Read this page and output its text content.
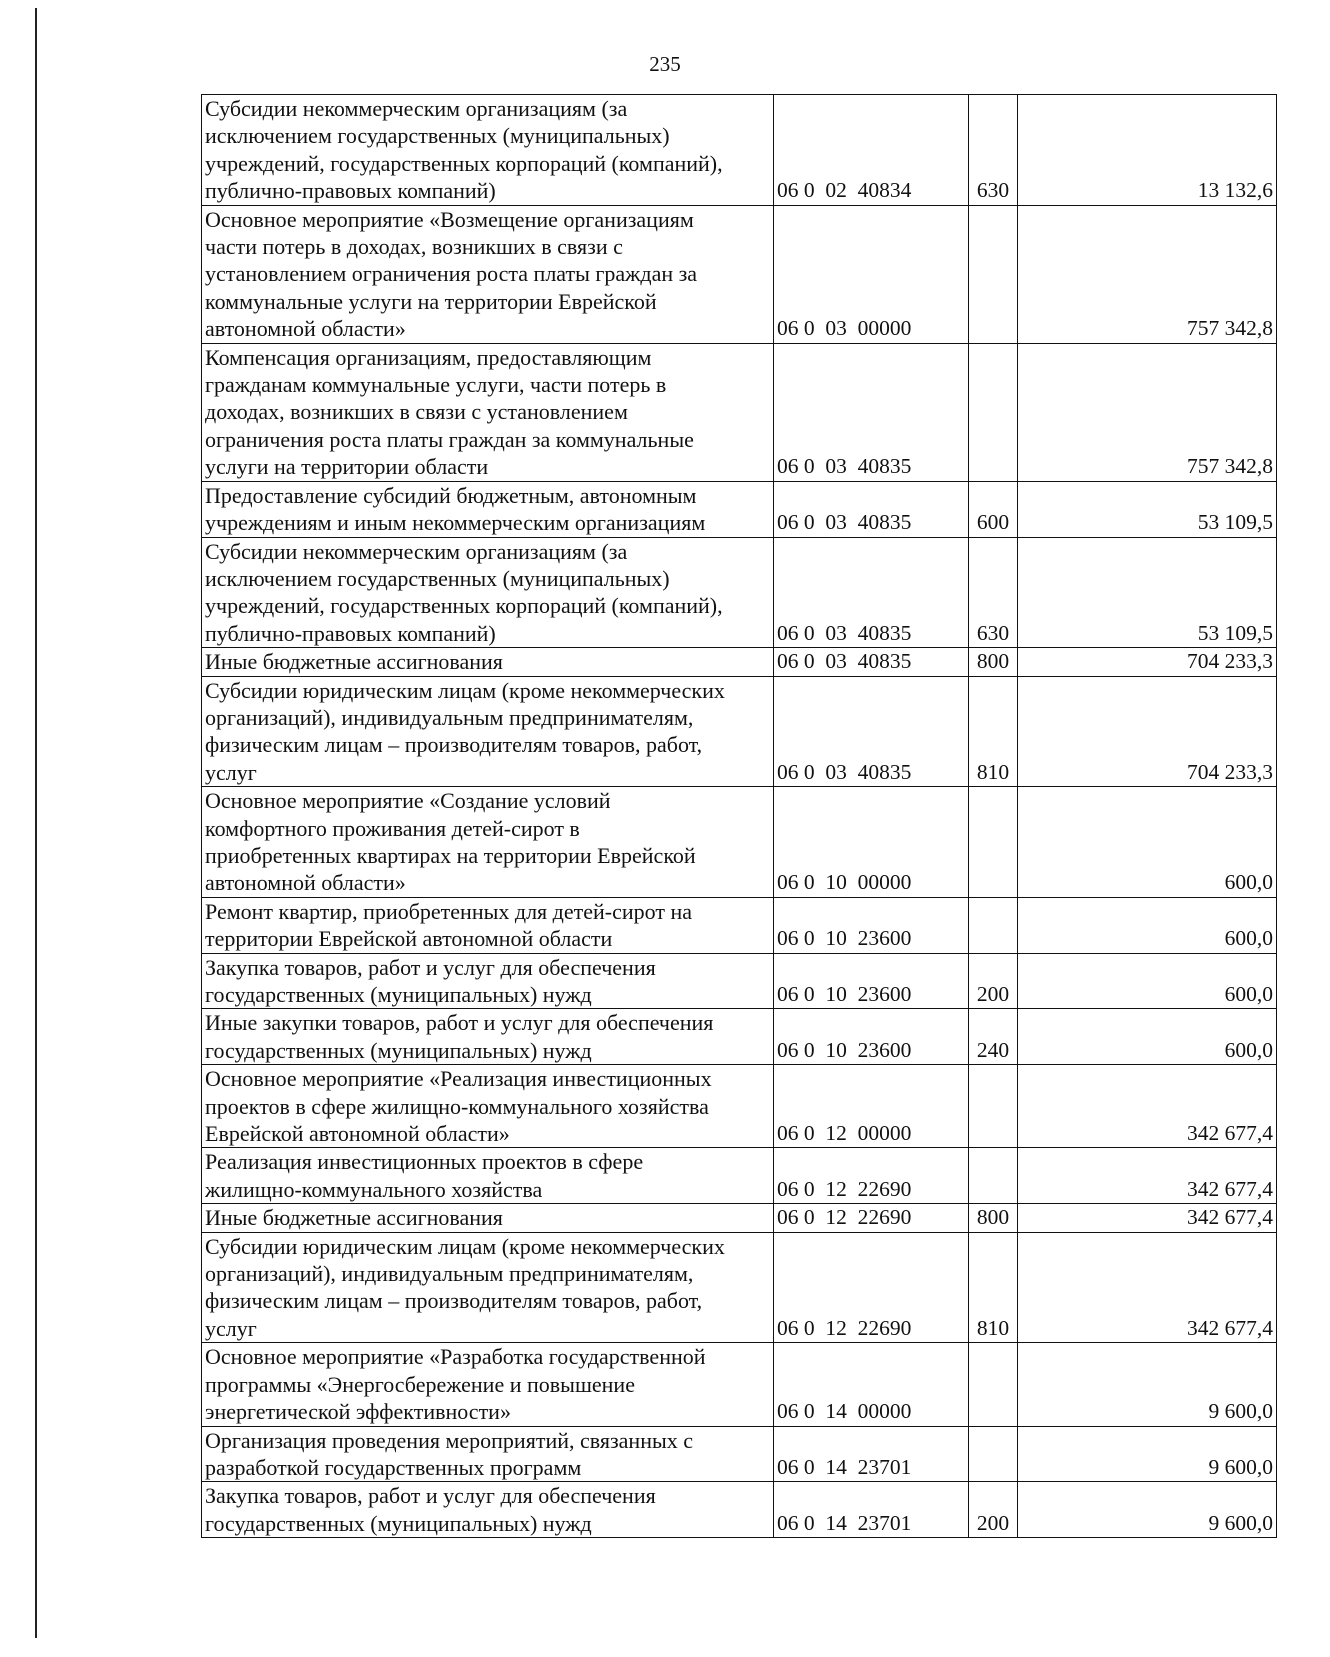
235
Субсидии некоммерческим организациям (за
исключением государственных (муниципальных)
учреждений, государственных корпораций (компаний),
публично-правовых компаний)	06 0  02  40834	630	13 132,6

Основное мероприятие «Возмещение организациям
части потерь в доходах, возникших в связи с
установлением ограничения роста платы граждан за
коммунальные услуги на территории Еврейской
автономной области»	06 0  03  00000		757 342,8

Компенсация организациям, предоставляющим
гражданам коммунальные услуги, части потерь в
доходах, возникших в связи с установлением
ограничения роста платы граждан за коммунальные
услуги на территории области	06 0  03  40835		757 342,8

Предоставление субсидий бюджетным, автономным
учреждениям и иным некоммерческим организациям	06 0  03  40835	600	53 109,5

Субсидии некоммерческим организациям (за
исключением государственных (муниципальных)
учреждений, государственных корпораций (компаний),
публично-правовых компаний)	06 0  03  40835	630	53 109,5

Иные бюджетные ассигнования	06 0  03  40835	800	704 233,3

Субсидии юридическим лицам (кроме некоммерческих
организаций), индивидуальным предпринимателям,
физическим лицам – производителям товаров, работ,
услуг	06 0  03  40835	810	704 233,3

Основное мероприятие «Создание условий
комфортного проживания детей-сирот в
приобретенных квартирах на территории Еврейской
автономной области»	06 0  10  00000		600,0

Ремонт квартир, приобретенных для детей-сирот на
территории Еврейской автономной области	06 0  10  23600		600,0

Закупка товаров, работ и услуг для обеспечения
государственных (муниципальных) нужд	06 0  10  23600	200	600,0

Иные закупки товаров, работ и услуг для обеспечения
государственных (муниципальных) нужд	06 0  10  23600	240	600,0

Основное мероприятие «Реализация инвестиционных
проектов в сфере жилищно-коммунального хозяйства
Еврейской автономной области»	06 0  12  00000		342 677,4

Реализация инвестиционных проектов в сфере
жилищно-коммунального хозяйства	06 0  12  22690		342 677,4

Иные бюджетные ассигнования	06 0  12  22690	800	342 677,4

Субсидии юридическим лицам (кроме некоммерческих
организаций), индивидуальным предпринимателям,
физическим лицам – производителям товаров, работ,
услуг	06 0  12  22690	810	342 677,4

Основное мероприятие «Разработка государственной
программы «Энергосбережение и повышение
энергетической эффективности»	06 0  14  00000		9 600,0

Организация проведения мероприятий, связанных с
разработкой государственных программ	06 0  14  23701		9 600,0

Закупка товаров, работ и услуг для обеспечения
государственных (муниципальных) нужд	06 0  14  23701	200	9 600,0
